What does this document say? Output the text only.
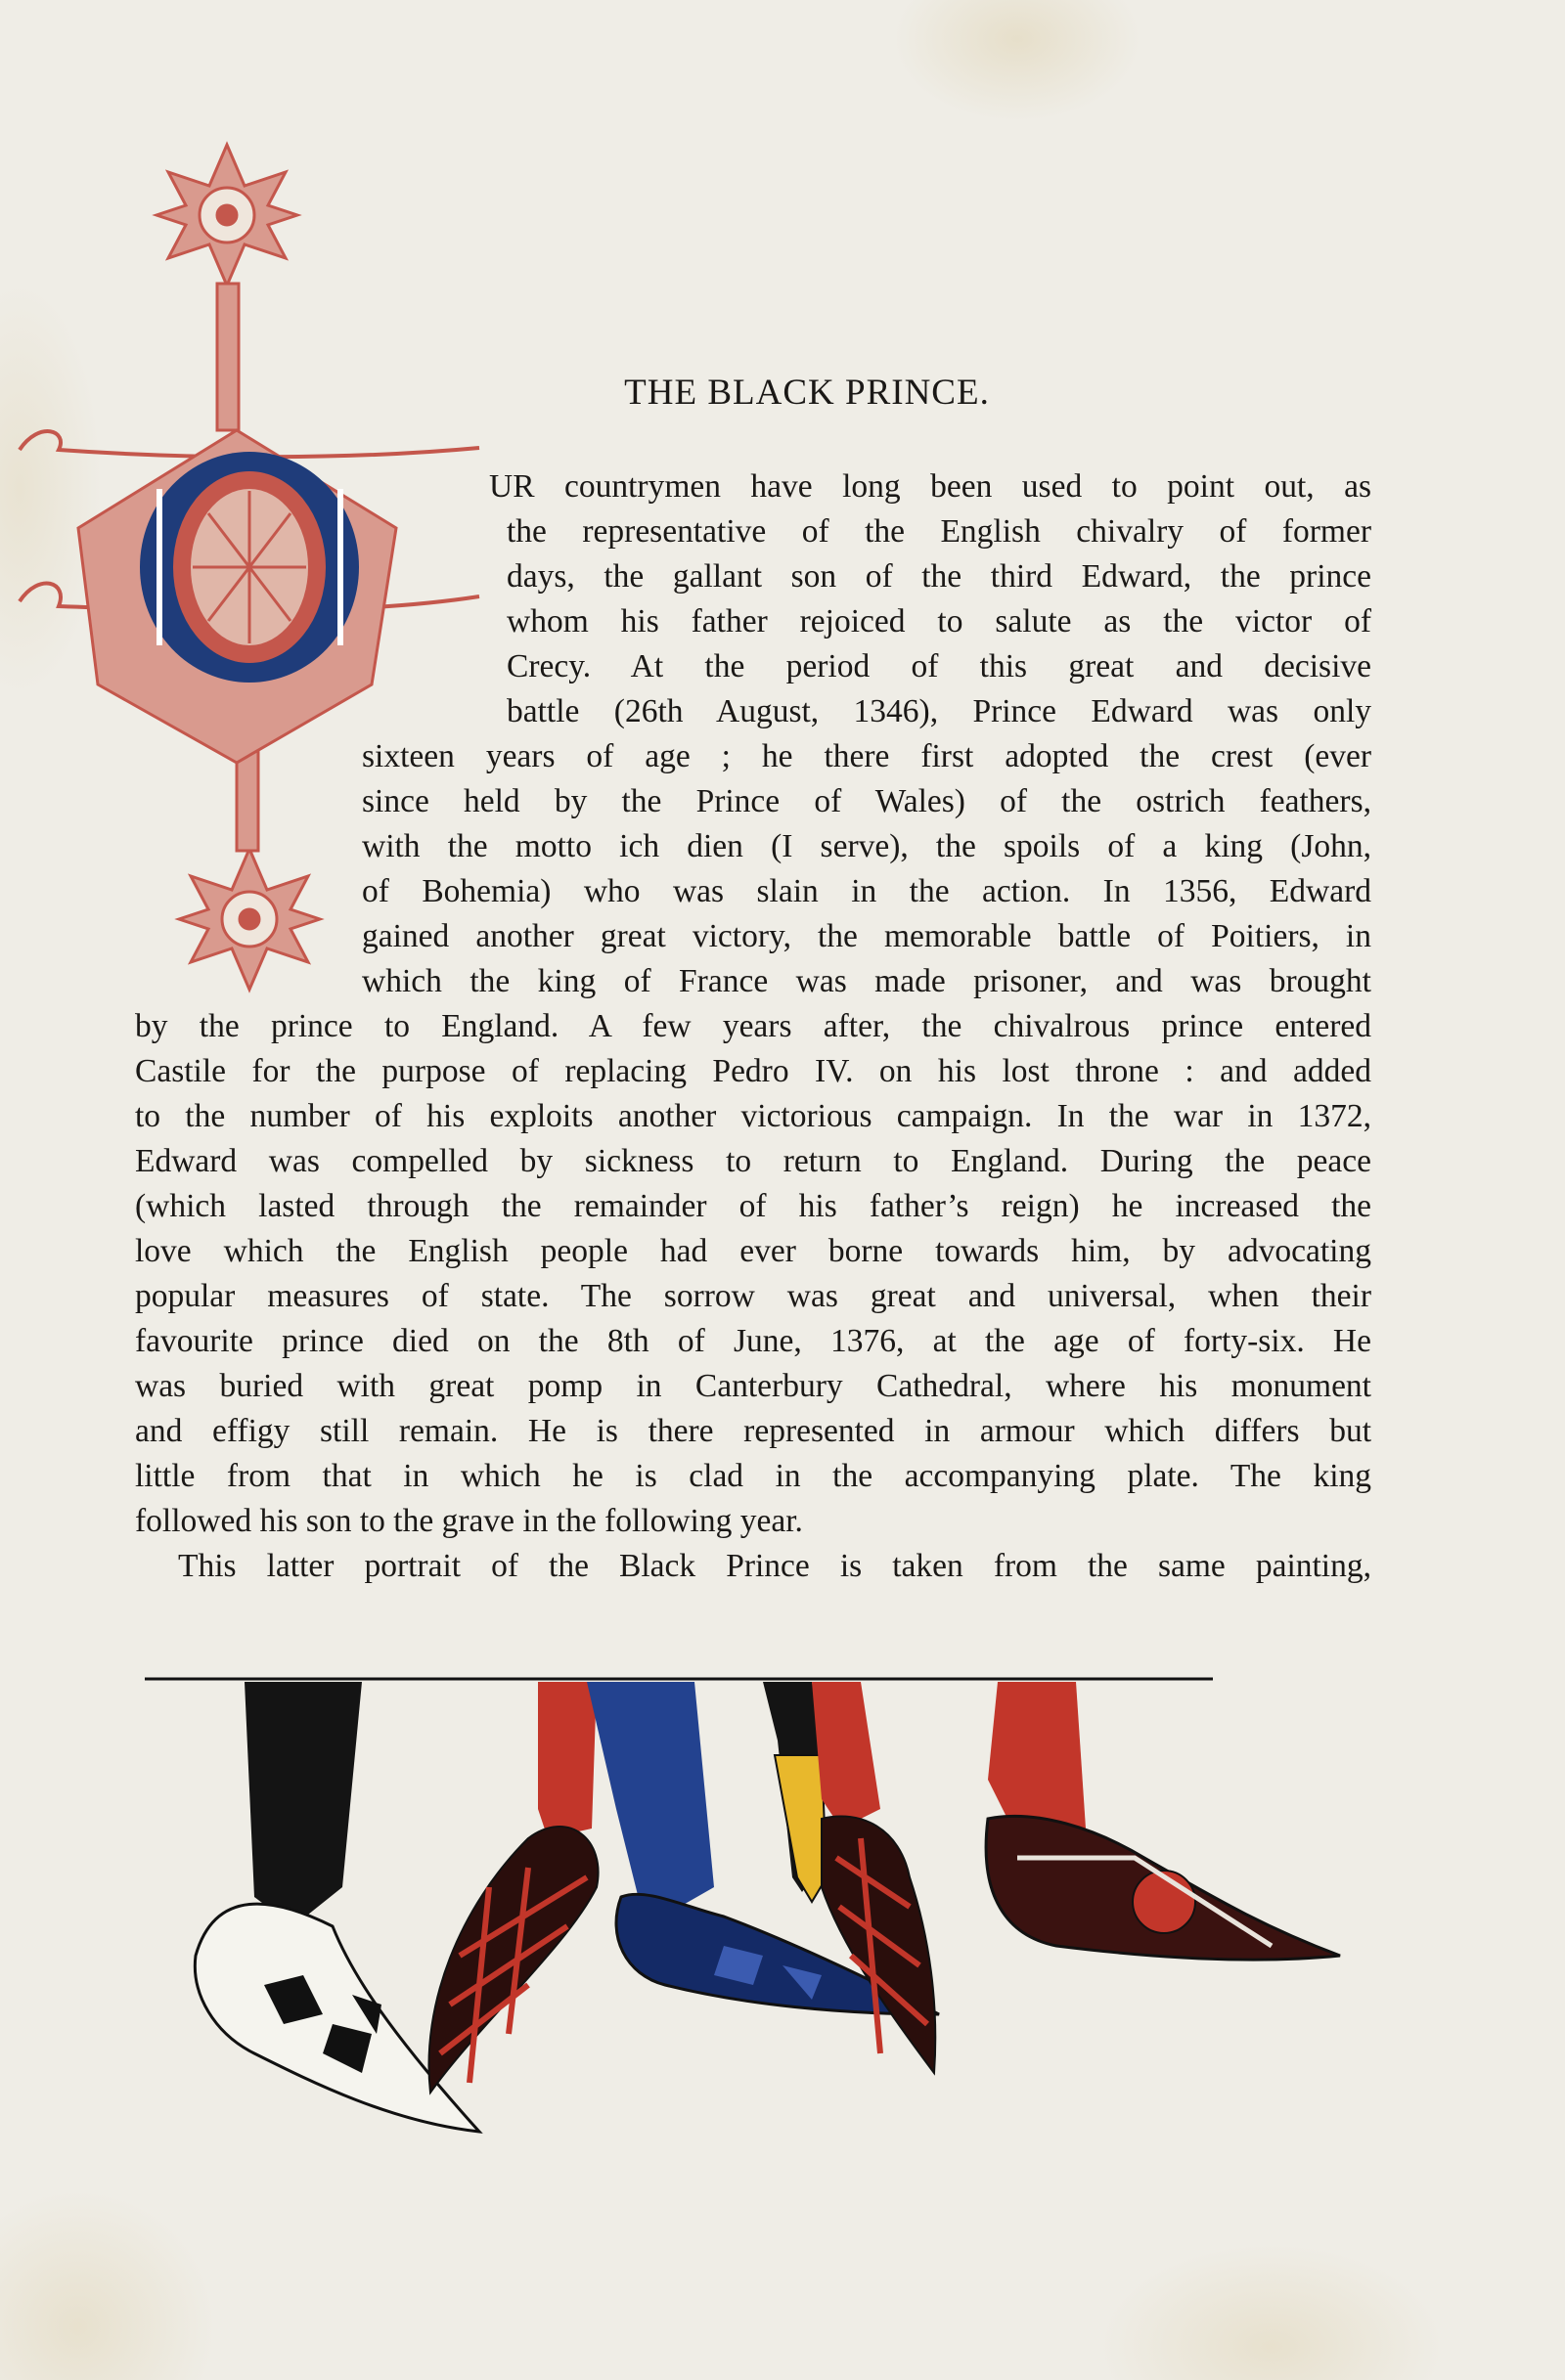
THE BLACK PRINCE.
UR countrymen have long been used to point out, as
the representative of the English chivalry of former
days, the gallant son of the third Edward, the prince
whom his father rejoiced to salute as the victor of
Crecy. At the period of this great and decisive
battle (26th August, 1346), Prince Edward was only
sixteen years of age ; he there first adopted the crest (ever
since held by the Prince of Wales) of the ostrich feathers,
with the motto ich dien (I serve), the spoils of a king (John,
of Bohemia) who was slain in the action. In 1356, Edward
gained another great victory, the memorable battle of Poitiers, in
which the king of France was made prisoner, and was brought
by the prince to England. A few years after, the chivalrous prince entered
Castile for the purpose of replacing Pedro IV. on his lost throne : and added
to the number of his exploits another victorious campaign. In the war in 1372,
Edward was compelled by sickness to return to England. During the peace
(which lasted through the remainder of his father’s reign) he increased the
love which the English people had ever borne towards him, by advocating
popular measures of state. The sorrow was great and universal, when their
favourite prince died on the 8th of June, 1376, at the age of forty-six. He
was buried with great pomp in Canterbury Cathedral, where his monument
and effigy still remain. He is there represented in armour which differs but
little from that in which he is clad in the accompanying plate. The king
followed his son to the grave in the following year.
This latter portrait of the Black Prince is taken from the same painting,
